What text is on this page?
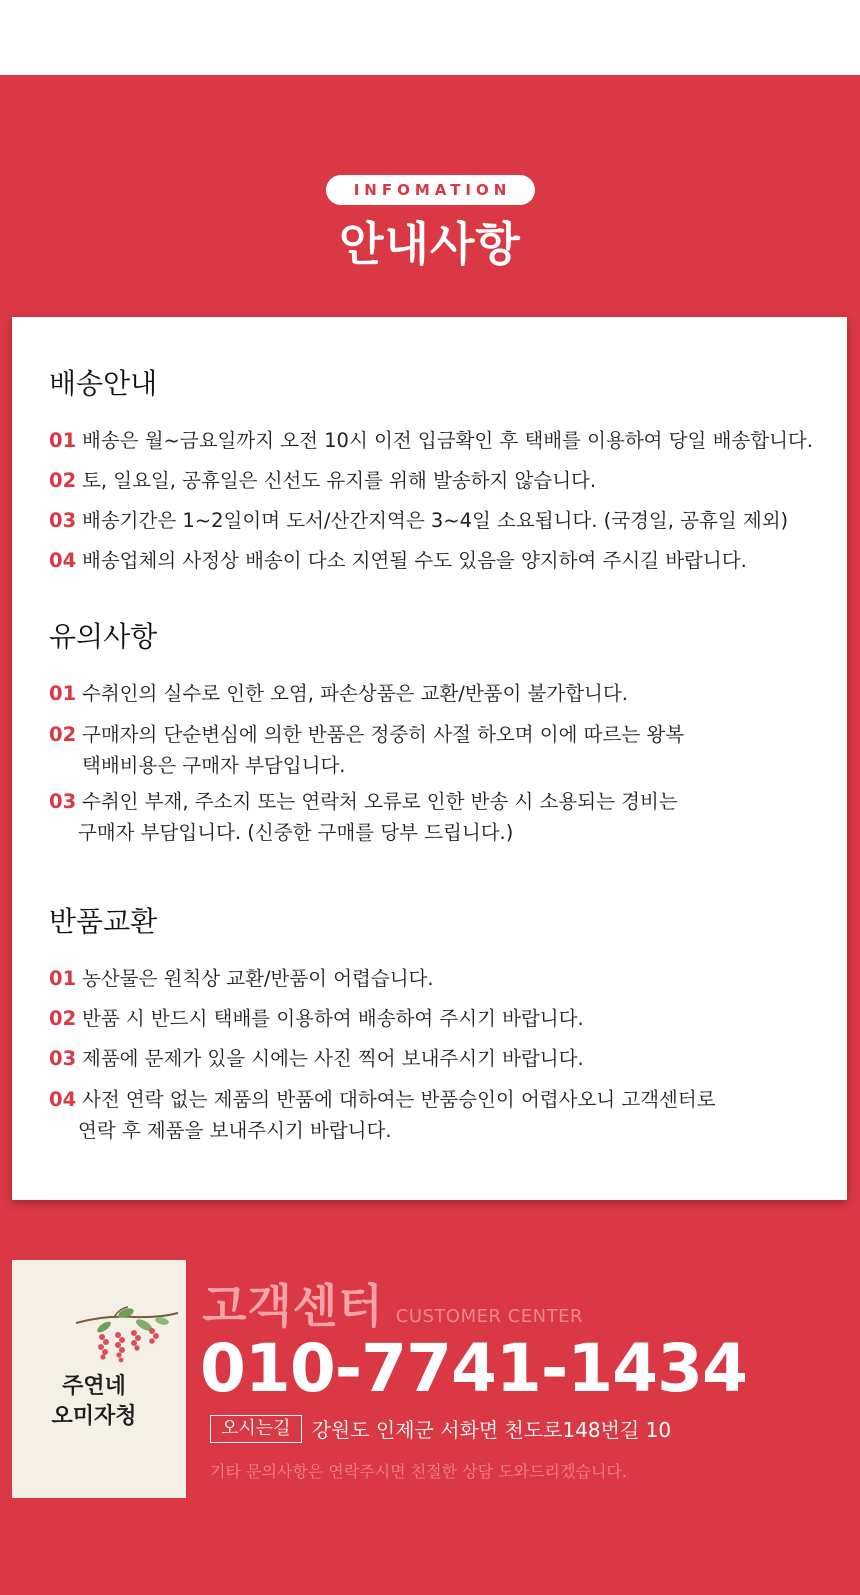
INFOMATION
안내사항
배송안내
01 배송은 월~금요일까지 오전 10시 이전 입금확인 후 택배를 이용하여 당일 배송합니다.
02 토, 일요일, 공휴일은 신선도 유지를 위해 발송하지 않습니다.
03 배송기간은 1~2일이며 도서/산간지역은 3~4일 소요됩니다. (국경일, 공휴일 제외)
04 배송업체의 사정상 배송이 다소 지연될 수도 있음을 양지하여 주시길 바랍니다.
유의사항
01 수취인의 실수로 인한 오염, 파손상품은 교환/반품이 불가합니다.
02 구매자의 단순변심에 의한 반품은 정중히 사절 하오며 이에 따르는 왕복
택배비용은 구매자 부담입니다.
03 수취인 부재, 주소지 또는 연락처 오류로 인한 반송 시 소용되는 경비는
구매자 부담입니다. (신중한 구매를 당부 드립니다.)
반품교환
01 농산물은 원칙상 교환/반품이 어렵습니다.
02 반품 시 반드시 택배를 이용하여 배송하여 주시기 바랍니다.
03 제품에 문제가 있을 시에는 사진 찍어 보내주시기 바랍니다.
04 사전 연락 없는 제품의 반품에 대하여는 반품승인이 어렵사오니 고객센터로
연락 후 제품을 보내주시기 바랍니다.
주연네
오미자청
고객센터 CUSTOMER CENTER
010-7741-1434
오시는길	강원도 인제군 서화면 천도로148번길 10
기타 문의사항은 연락주시면 친절한 상담 도와드리겠습니다.
